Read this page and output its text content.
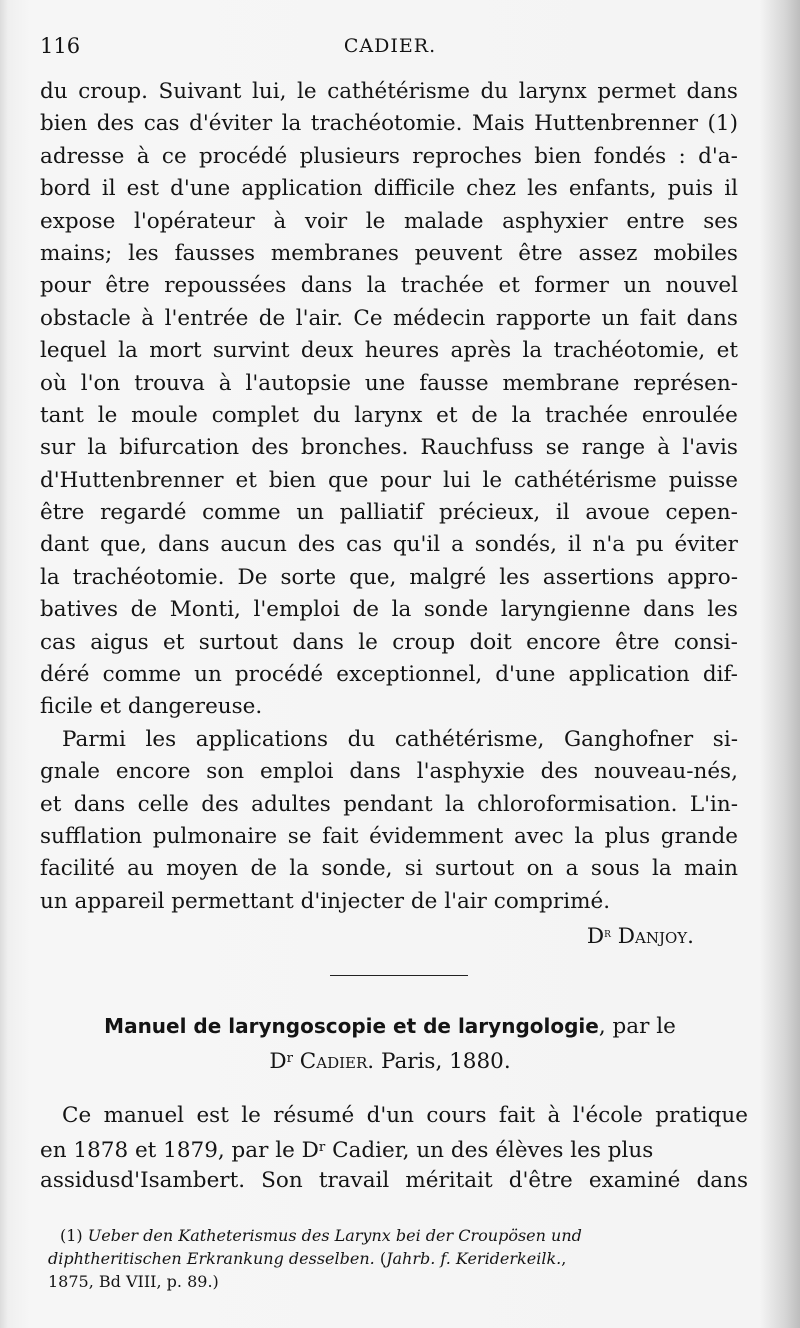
116	CADIER.
du croup. Suivant lui, le cathétérisme du larynx permet dans
bien des cas d'éviter la trachéotomie. Mais Huttenbrenner (1)
adresse à ce procédé plusieurs reproches bien fondés : d'a-
bord il est d'une application difficile chez les enfants, puis il
expose l'opérateur à voir le malade asphyxier entre ses
mains; les fausses membranes peuvent être assez mobiles
pour être repoussées dans la trachée et former un nouvel
obstacle à l'entrée de l'air. Ce médecin rapporte un fait dans
lequel la mort survint deux heures après la trachéotomie, et
où l'on trouva à l'autopsie une fausse membrane représen-
tant le moule complet du larynx et de la trachée enroulée
sur la bifurcation des bronches. Rauchfuss se range à l'avis
d'Huttenbrenner et bien que pour lui le cathétérisme puisse
être regardé comme un palliatif précieux, il avoue cepen-
dant que, dans aucun des cas qu'il a sondés, il n'a pu éviter
la trachéotomie. De sorte que, malgré les assertions appro-
batives de Monti, l'emploi de la sonde laryngienne dans les
cas aigus et surtout dans le croup doit encore être consi-
déré comme un procédé exceptionnel, d'une application dif-
ficile et dangereuse.
Parmi les applications du cathétérisme, Ganghofner si-
gnale encore son emploi dans l'asphyxie des nouveau-nés,
et dans celle des adultes pendant la chloroformisation. L'in-
sufflation pulmonaire se fait évidemment avec la plus grande
facilité au moyen de la sonde, si surtout on a sous la main
un appareil permettant d'injecter de l'air comprimé.
$D^r$ Danjoy.
Manuel de laryngoscopie et de laryngologie, par le
$D^r$ Cadier. Paris, 1880.
Ce manuel est le résumé d'un cours fait à l'école pratique
en 1878 et 1879, par le $D^r$ Cadier, un des élèves les plus
assidusd'Isambert. Son travail méritait d'être examiné dans
(1) Ueber den Katheterismus des Larynx bei der Croupösen und
diphtheritischen Erkrankung desselben. (Jahrb. f. Keriderkeilk.,
1875, Bd VIII, p. 89.)
